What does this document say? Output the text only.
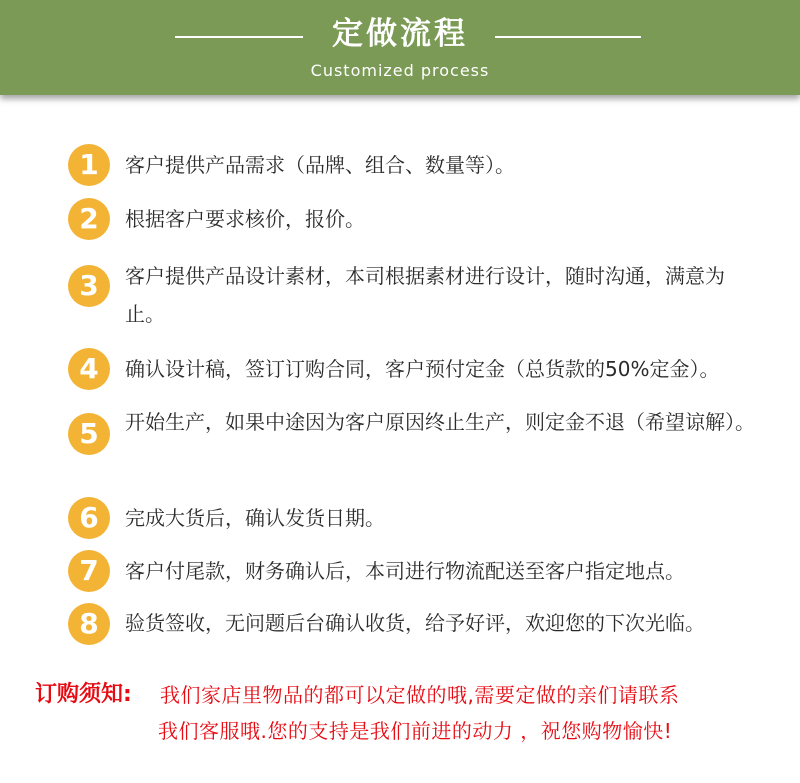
定做流程
Customized process
1	客户提供产品需求（品牌、组合、数量等）。
2	根据客户要求核价，报价。
3	客户提供产品设计素材，本司根据素材进行设计，随时沟通，满意为止。
4	确认设计稿，签订订购合同，客户预付定金（总货款的50%定金）。
5	开始生产，如果中途因为客户原因终止生产，则定金不退（希望谅解）。
6	完成大货后，确认发货日期。
7	客户付尾款，财务确认后，本司进行物流配送至客户指定地点。
8	验货签收，无问题后台确认收货，给予好评，欢迎您的下次光临。
订购须知: 我们家店里物品的都可以定做的哦,需要定做的亲们请联系
我们客服哦.您的支持是我们前进的动力 ，祝您购物愉快!
